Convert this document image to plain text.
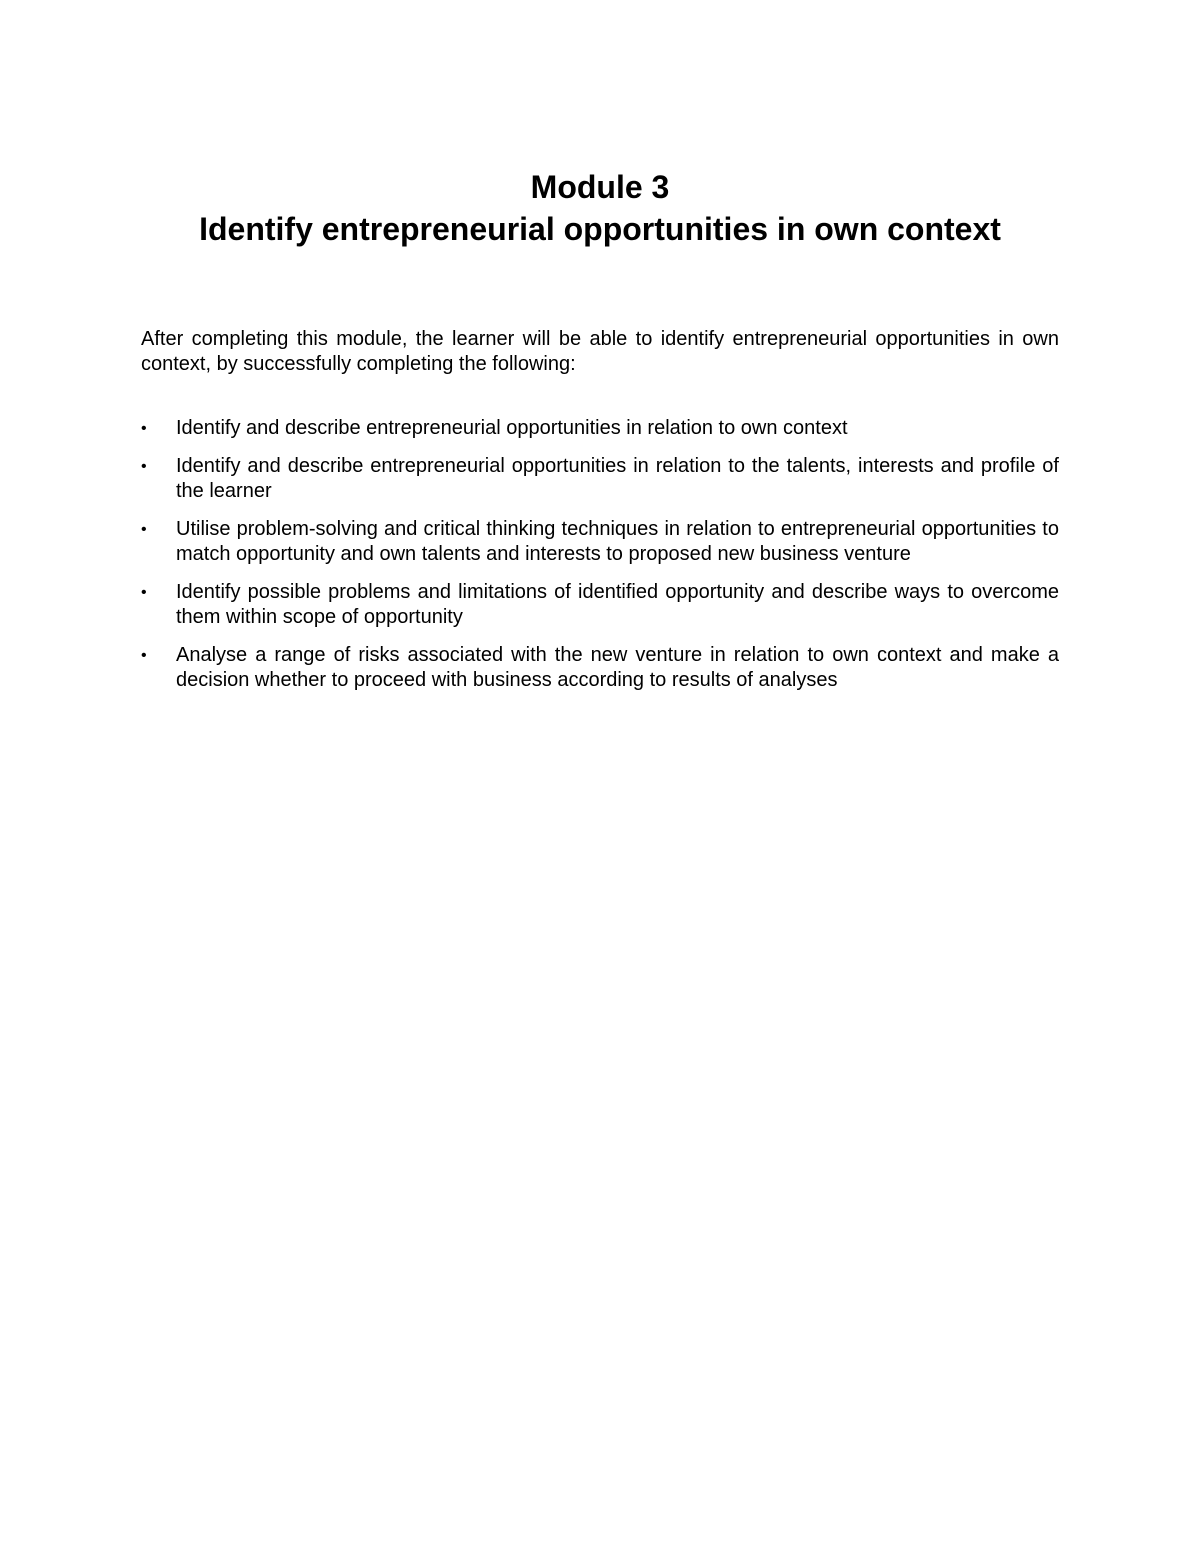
Module 3
Identify entrepreneurial opportunities in own context

After completing this module, the learner will be able to identify entrepreneurial opportunities in own context, by successfully completing the following:

•	Identify and describe entrepreneurial opportunities in relation to own context
•	Identify and describe entrepreneurial opportunities in relation to the talents, interests and profile of the learner
•	Utilise problem-solving and critical thinking techniques in relation to entrepreneurial opportunities to match opportunity and own talents and interests to proposed new business venture
•	Identify possible problems and limitations of identified opportunity and describe ways to overcome them within scope of opportunity
•	Analyse a range of risks associated with the new venture in relation to own context and make a decision whether to proceed with business according to results of analyses
